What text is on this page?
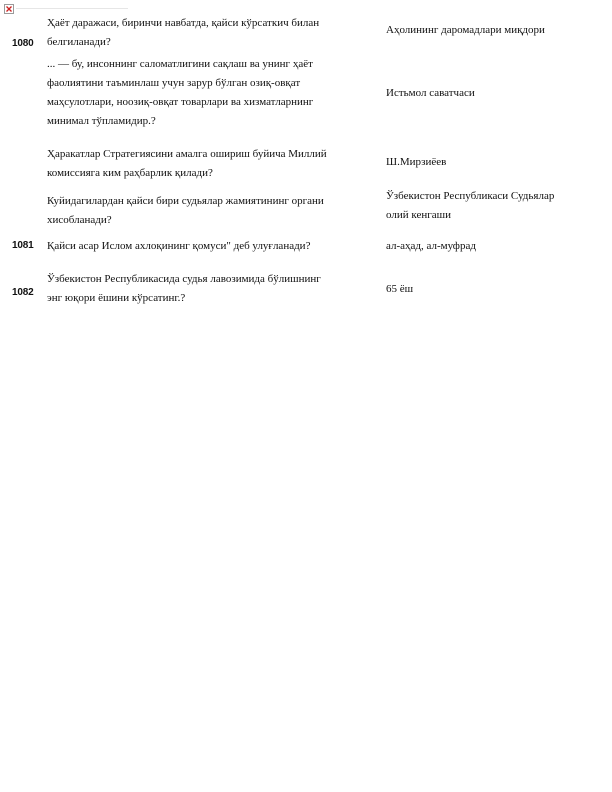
1080
Ҳаёт даражаси, биринчи навбатда, қайси кўрсаткич билан
белгиланади?
Аҳолининг даромадлари миқдори
... — бу, инсоннинг саломатлигини сақлаш ва унинг ҳаёт
фаолиятини таъминлаш учун зарур бўлган озиқ-овқат
маҳсулотлари, ноозиқ-овқат товарлари ва хизматларнинг
минимал тўпламидир.?
Истьмол саватчаси
Ҳаракатлар Стратегиясини амалга ошириш буйича Миллий
комиссияга ким раҳбарлик қилади?
Ш.Мирзиёев
Куйидагилардан қайси бири судьялар жамиятининг органи
хисобланади?
Ўзбекистон Республикаси Судьялар
олий кенгаши
1081 Қайси асар Ислом ахлоқининг қомуси" деб улуғланади?	ал-аҳад, ал-муфрад
1082
Ўзбекистон Республикасида судья лавозимида бўлишнинг
энг юқори ёшини кўрсатинг.?
65 ёш
